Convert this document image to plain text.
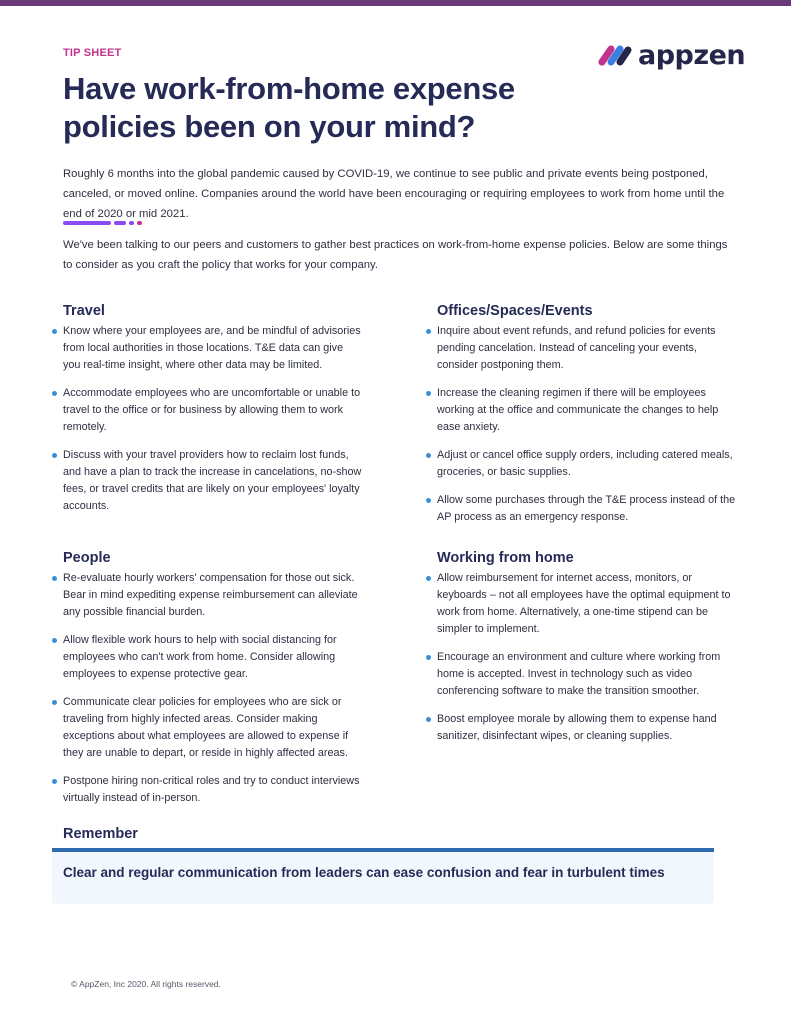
TIP SHEET	appzen
Have work-from-home expense policies been on your mind?

Roughly 6 months into the global pandemic caused by COVID-19, we continue to see public and private events being postponed, canceled, or moved online. Companies around the world have been encouraging or requiring employees to work from home until the end of 2020 or mid 2021.

We've been talking to our peers and customers to gather best practices on work-from-home expense policies. Below are some things to consider as you craft the policy that works for your company.

Travel
Know where your employees are, and be mindful of advisories from local authorities in those locations. T&E data can give you real-time insight, where other data may be limited.
Accommodate employees who are uncomfortable or unable to travel to the office or for business by allowing them to work remotely.
Discuss with your travel providers how to reclaim lost funds, and have a plan to track the increase in cancelations, no-show fees, or travel credits that are likely on your employees' loyalty accounts.
Offices/Spaces/Events
Inquire about event refunds, and refund policies for events pending cancelation. Instead of canceling your events, consider postponing them.
Increase the cleaning regimen if there will be employees working at the office and communicate the changes to help ease anxiety.
Adjust or cancel office supply orders, including catered meals, groceries, or basic supplies.
Allow some purchases through the T&E process instead of the AP process as an emergency response.
People
Re-evaluate hourly workers' compensation for those out sick. Bear in mind expediting expense reimbursement can alleviate any possible financial burden.
Allow flexible work hours to help with social distancing for employees who can't work from home. Consider allowing employees to expense protective gear.
Communicate clear policies for employees who are sick or traveling from highly infected areas. Consider making exceptions about what employees are allowed to expense if they are unable to depart, or reside in highly affected areas.
Postpone hiring non-critical roles and try to conduct interviews virtually instead of in-person.
Working from home
Allow reimbursement for internet access, monitors, or keyboards – not all employees have the optimal equipment to work from home. Alternatively, a one-time stipend can be simpler to implement.
Encourage an environment and culture where working from home is accepted. Invest in technology such as video conferencing software to make the transition smoother.
Boost employee morale by allowing them to expense hand sanitizer, disinfectant wipes, or cleaning supplies.
Remember
Clear and regular communication from leaders can ease confusion and fear in turbulent times
© AppZen, Inc 2020. All rights reserved.
